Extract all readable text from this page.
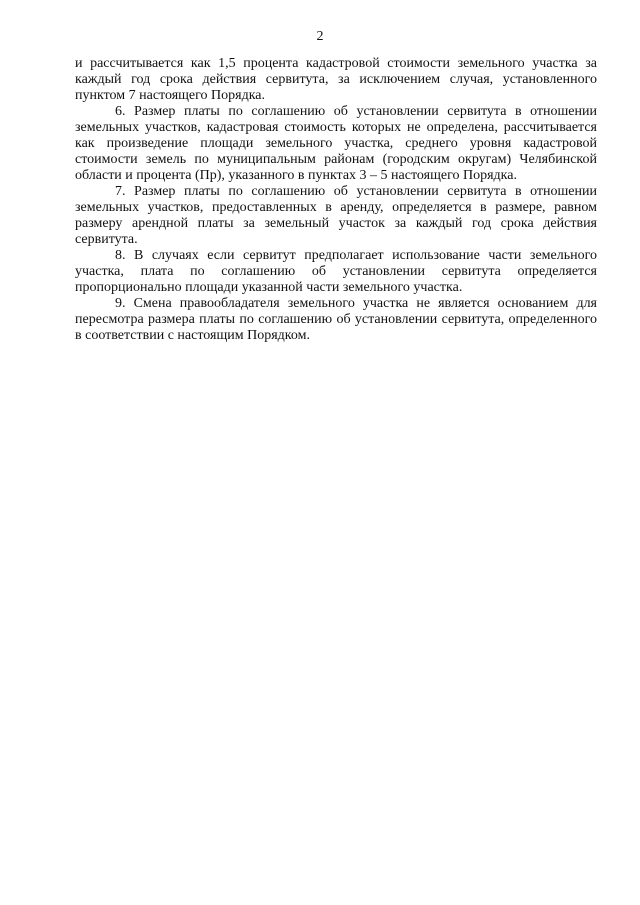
2

и рассчитывается как 1,5 процента кадастровой стоимости земельного участка за каждый год срока действия сервитута, за исключением случая, установленного пунктом 7 настоящего Порядка.

6. Размер платы по соглашению об установлении сервитута в отношении земельных участков, кадастровая стоимость которых не определена, рассчитывается как произведение площади земельного участка, среднего уровня кадастровой стоимости земель по муниципальным районам (городским округам) Челябинской области и процента (Пр), указанного в пунктах 3 – 5 настоящего Порядка.

7. Размер платы по соглашению об установлении сервитута в отношении земельных участков, предоставленных в аренду, определяется в размере, равном размеру арендной платы за земельный участок за каждый год срока действия сервитута.

8. В случаях если сервитут предполагает использование части земельного участка, плата по соглашению об установлении сервитута определяется пропорционально площади указанной части земельного участка.

9. Смена правообладателя земельного участка не является основанием для пересмотра размера платы по соглашению об установлении сервитута, определенного в соответствии с настоящим Порядком.
